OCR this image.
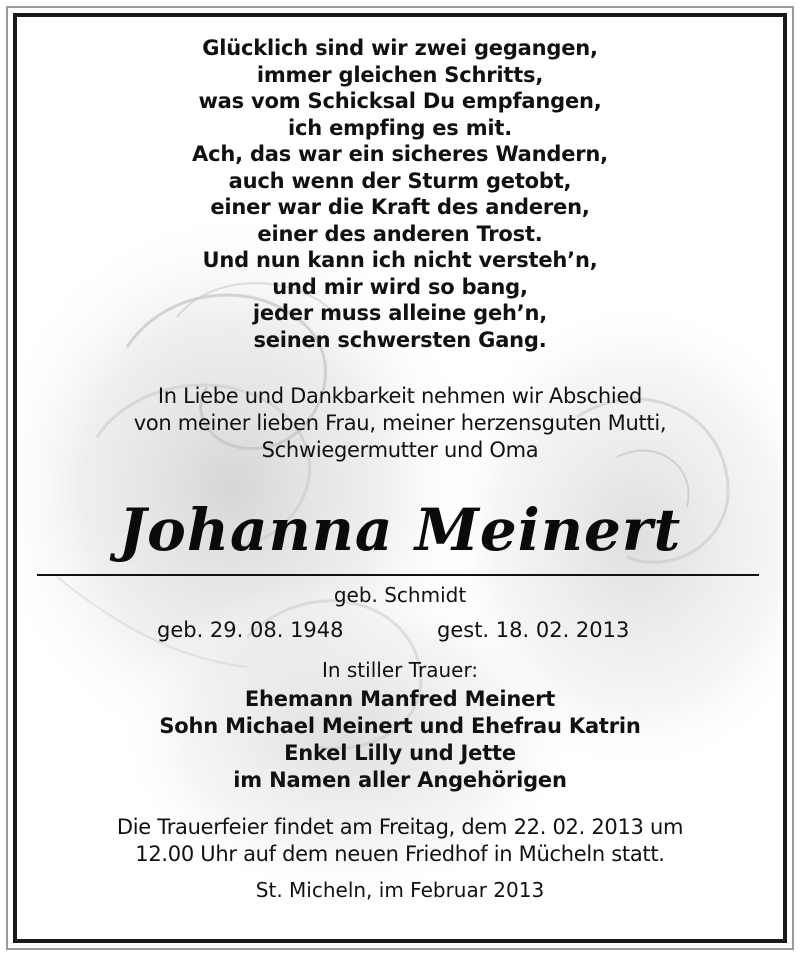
Glücklich sind wir zwei gegangen,
immer gleichen Schritts,
was vom Schicksal Du empfangen,
ich empfing es mit.
Ach, das war ein sicheres Wandern,
auch wenn der Sturm getobt,
einer war die Kraft des anderen,
einer des anderen Trost.
Und nun kann ich nicht versteh’n,
und mir wird so bang,
jeder muss alleine geh’n,
seinen schwersten Gang.
In Liebe und Dankbarkeit nehmen wir Abschied
von meiner lieben Frau, meiner herzensguten Mutti,
Schwiegermutter und Oma
Johanna Meinert
geb. Schmidt
geb. 29. 08. 1948	gest. 18. 02. 2013
In stiller Trauer:
Ehemann Manfred Meinert
Sohn Michael Meinert und Ehefrau Katrin
Enkel Lilly und Jette
im Namen aller Angehörigen
Die Trauerfeier findet am Freitag, dem 22. 02. 2013 um
12.00 Uhr auf dem neuen Friedhof in Mücheln statt.
St. Micheln, im Februar 2013
